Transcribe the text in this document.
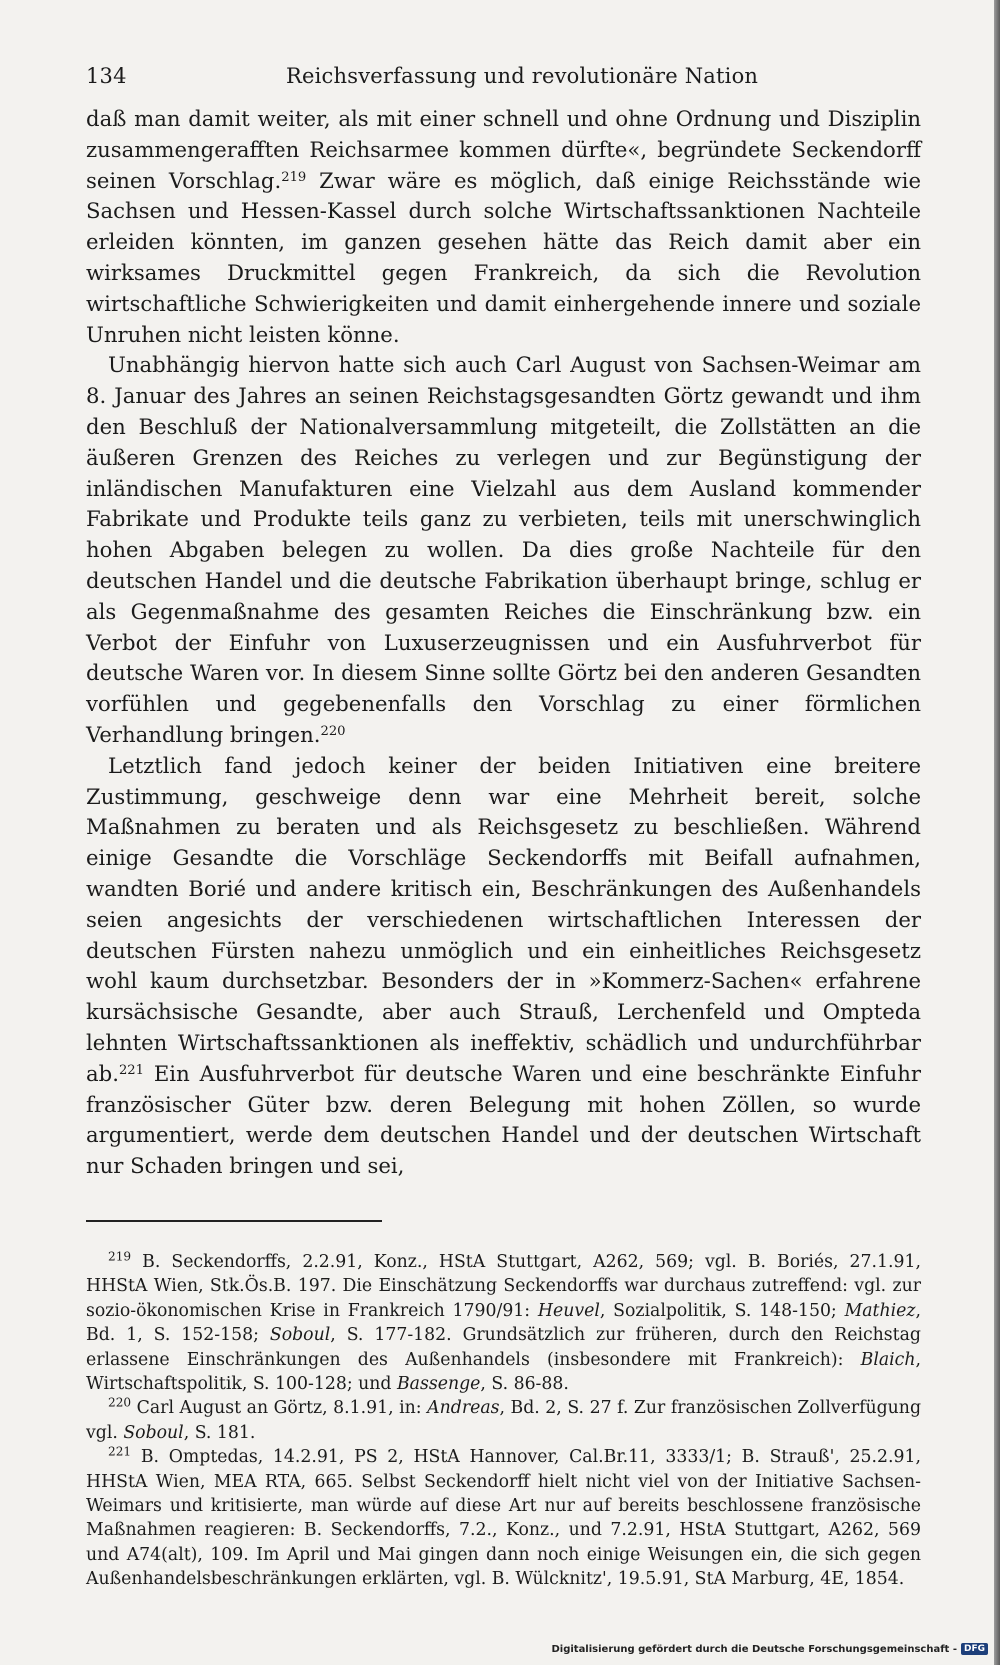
134	Reichsverfassung und revolutionäre Nation

daß man damit weiter, als mit einer schnell und ohne Ordnung und Disziplin zusammengerafften Reichsarmee kommen dürfte«, begründete Seckendorff seinen Vorschlag.$^{219}$ Zwar wäre es möglich, daß einige Reichsstände wie Sachsen und Hessen-Kassel durch solche Wirtschaftssanktionen Nachteile erleiden könnten, im ganzen gesehen hätte das Reich damit aber ein wirksames Druckmittel gegen Frankreich, da sich die Revolution wirtschaftliche Schwierigkeiten und damit einhergehende innere und soziale Unruhen nicht leisten könne.

Unabhängig hiervon hatte sich auch Carl August von Sachsen-Weimar am 8. Januar des Jahres an seinen Reichstagsgesandten Görtz gewandt und ihm den Beschluß der Nationalversammlung mitgeteilt, die Zollstätten an die äußeren Grenzen des Reiches zu verlegen und zur Begünstigung der inländischen Manufakturen eine Vielzahl aus dem Ausland kommender Fabrikate und Produkte teils ganz zu verbieten, teils mit unerschwinglich hohen Abgaben belegen zu wollen. Da dies große Nachteile für den deutschen Handel und die deutsche Fabrikation überhaupt bringe, schlug er als Gegenmaßnahme des gesamten Reiches die Einschränkung bzw. ein Verbot der Einfuhr von Luxuserzeugnissen und ein Ausfuhrverbot für deutsche Waren vor. In diesem Sinne sollte Görtz bei den anderen Gesandten vorfühlen und gegebenenfalls den Vorschlag zu einer förmlichen Verhandlung bringen.$^{220}$

Letztlich fand jedoch keiner der beiden Initiativen eine breitere Zustimmung, geschweige denn war eine Mehrheit bereit, solche Maßnahmen zu beraten und als Reichsgesetz zu beschließen. Während einige Gesandte die Vorschläge Seckendorffs mit Beifall aufnahmen, wandten Borié und andere kritisch ein, Beschränkungen des Außenhandels seien angesichts der verschiedenen wirtschaftlichen Interessen der deutschen Fürsten nahezu unmöglich und ein einheitliches Reichsgesetz wohl kaum durchsetzbar. Besonders der in »Kommerz-Sachen« erfahrene kursächsische Gesandte, aber auch Strauß, Lerchenfeld und Ompteda lehnten Wirtschaftssanktionen als ineffektiv, schädlich und undurchführbar ab.$^{221}$ Ein Ausfuhrverbot für deutsche Waren und eine beschränkte Einfuhr französischer Güter bzw. deren Belegung mit hohen Zöllen, so wurde argumentiert, werde dem deutschen Handel und der deutschen Wirtschaft nur Schaden bringen und sei,

$^{219}$ B. Seckendorffs, 2.2.91, Konz., HStA Stuttgart, A262, 569; vgl. B. Boriés, 27.1.91, HHStA Wien, Stk.Ös.B. 197. Die Einschätzung Seckendorffs war durchaus zutreffend: vgl. zur sozio-ökonomischen Krise in Frankreich 1790/91: Heuvel, Sozialpolitik, S. 148-150; Mathiez, Bd. 1, S. 152-158; Soboul, S. 177-182. Grundsätzlich zur früheren, durch den Reichstag erlassene Einschränkungen des Außenhandels (insbesondere mit Frankreich): Blaich, Wirtschaftspolitik, S. 100-128; und Bassenge, S. 86-88.

$^{220}$ Carl August an Görtz, 8.1.91, in: Andreas, Bd. 2, S. 27 f. Zur französischen Zollverfügung vgl. Soboul, S. 181.

$^{221}$ B. Omptedas, 14.2.91, PS 2, HStA Hannover, Cal.Br.11, 3333/1; B. Strauß', 25.2.91, HHStA Wien, MEA RTA, 665. Selbst Seckendorff hielt nicht viel von der Initiative Sachsen-Weimars und kritisierte, man würde auf diese Art nur auf bereits beschlossene französische Maßnahmen reagieren: B. Seckendorffs, 7.2., Konz., und 7.2.91, HStA Stuttgart, A262, 569 und A74(alt), 109. Im April und Mai gingen dann noch einige Weisungen ein, die sich gegen Außenhandelsbeschränkungen erklärten, vgl. B. Wülcknitz', 19.5.91, StA Marburg, 4E, 1854.

Digitalisierung gefördert durch die Deutsche Forschungsgemeinschaft - DFG
